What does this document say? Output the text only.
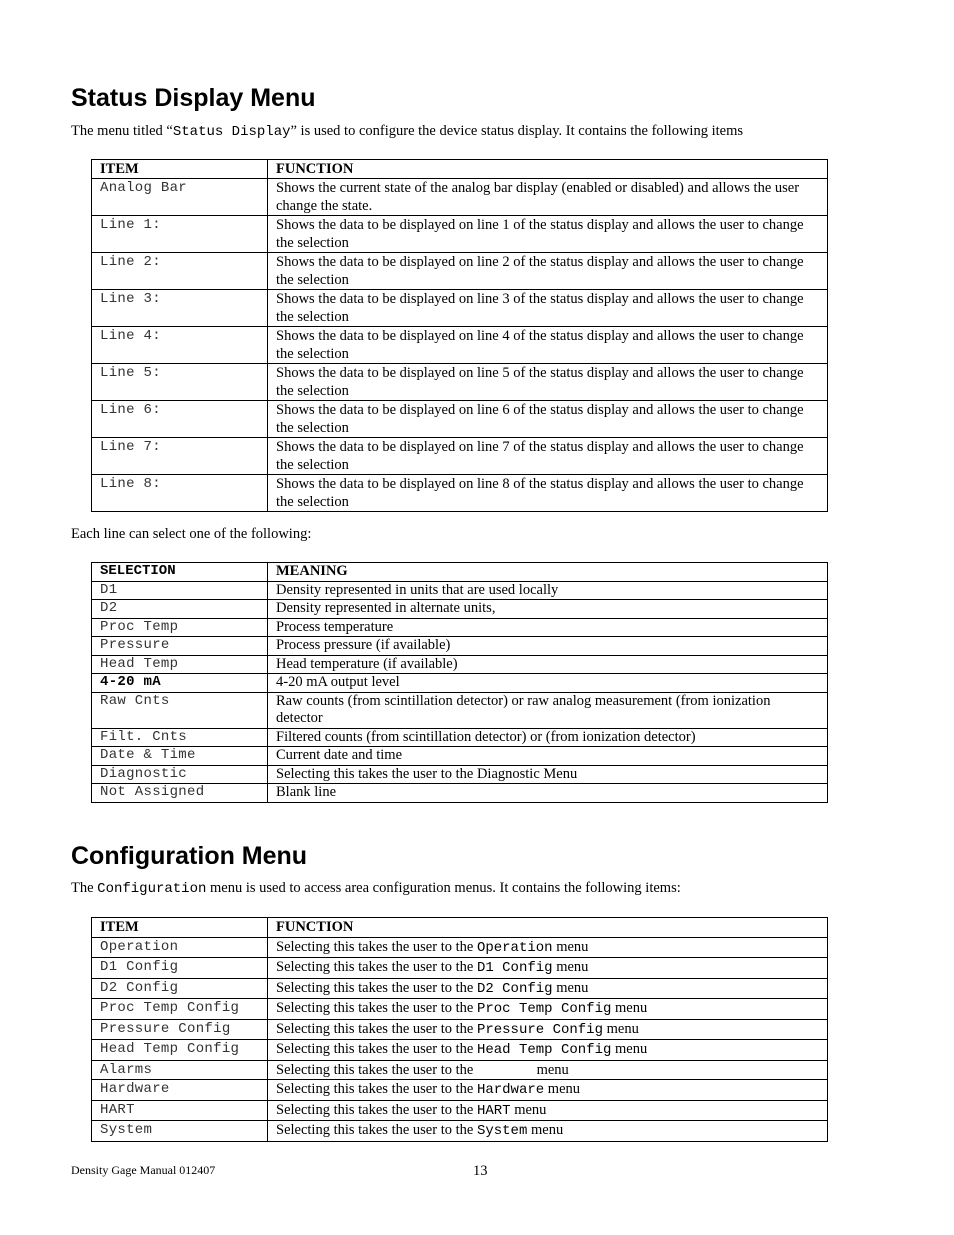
Status Display Menu

The menu titled “Status Display” is used to configure the device status display. It contains the following items

ITEM	FUNCTION
Analog Bar	Shows the current state of the analog bar display (enabled or disabled) and allows the user change the state.
Line 1:	Shows the data to be displayed on line 1 of the status display and allows the user to change the selection
Line 2:	Shows the data to be displayed on line 2 of the status display and allows the user to change the selection
Line 3:	Shows the data to be displayed on line 3 of the status display and allows the user to change the selection
Line 4:	Shows the data to be displayed on line 4 of the status display and allows the user to change the selection
Line 5:	Shows the data to be displayed on line 5 of the status display and allows the user to change the selection
Line 6:	Shows the data to be displayed on line 6 of the status display and allows the user to change the selection
Line 7:	Shows the data to be displayed on line 7 of the status display and allows the user to change the selection
Line 8:	Shows the data to be displayed on line 8 of the status display and allows the user to change the selection

Each line can select one of the following:

SELECTION	MEANING
D1	Density represented in units that are used locally
D2	Density represented in alternate units,
Proc Temp	Process temperature
Pressure	Process pressure (if available)
Head Temp	Head temperature (if available)
4-20 mA	4-20 mA output level
Raw Cnts	Raw counts (from scintillation detector) or raw analog measurement (from ionization detector
Filt. Cnts	Filtered counts (from scintillation detector) or (from ionization detector)
Date & Time	Current date and time
Diagnostic	Selecting this takes the user to the Diagnostic Menu
Not Assigned	Blank line
Configuration Menu

The Configuration menu is used to access area configuration menus. It contains the following items:

ITEM	FUNCTION
Operation	Selecting this takes the user to the Operation menu
D1 Config	Selecting this takes the user to the D1 Config menu
D2 Config	Selecting this takes the user to the D2 Config menu
Proc Temp Config	Selecting this takes the user to the Proc Temp Config menu
Pressure Config	Selecting this takes the user to the Pressure Config menu
Head Temp Config	Selecting this takes the user to the Head Temp Config menu
Alarms	Selecting this takes the user to the menu
Hardware	Selecting this takes the user to the Hardware menu
HART	Selecting this takes the user to the HART menu
System	Selecting this takes the user to the System menu
Density Gage Manual 012407	13
